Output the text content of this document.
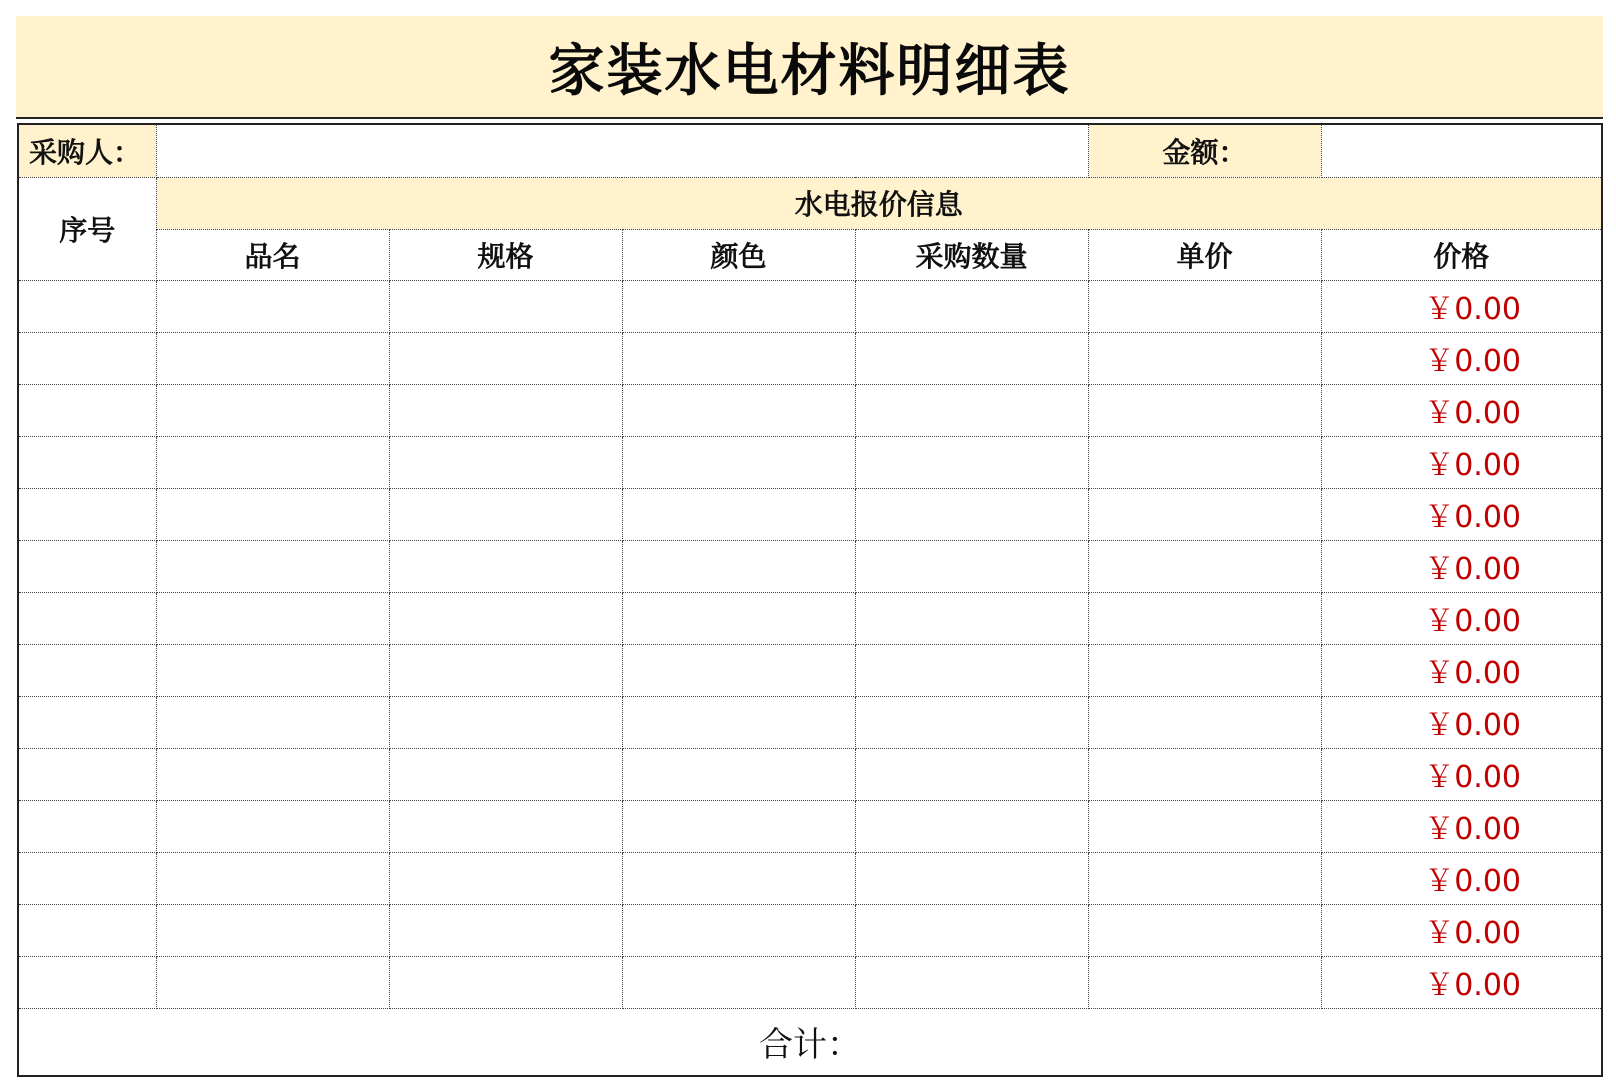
家装水电材料明细表
采购人：					金额：	
序号	水电报价信息					
	品名	规格	颜色	采购数量	单价	价格
						￥0.00
						￥0.00
						￥0.00
						￥0.00
						￥0.00
						￥0.00
						￥0.00
						￥0.00
						￥0.00
						￥0.00
						￥0.00
						￥0.00
						￥0.00
						￥0.00
合计：						
